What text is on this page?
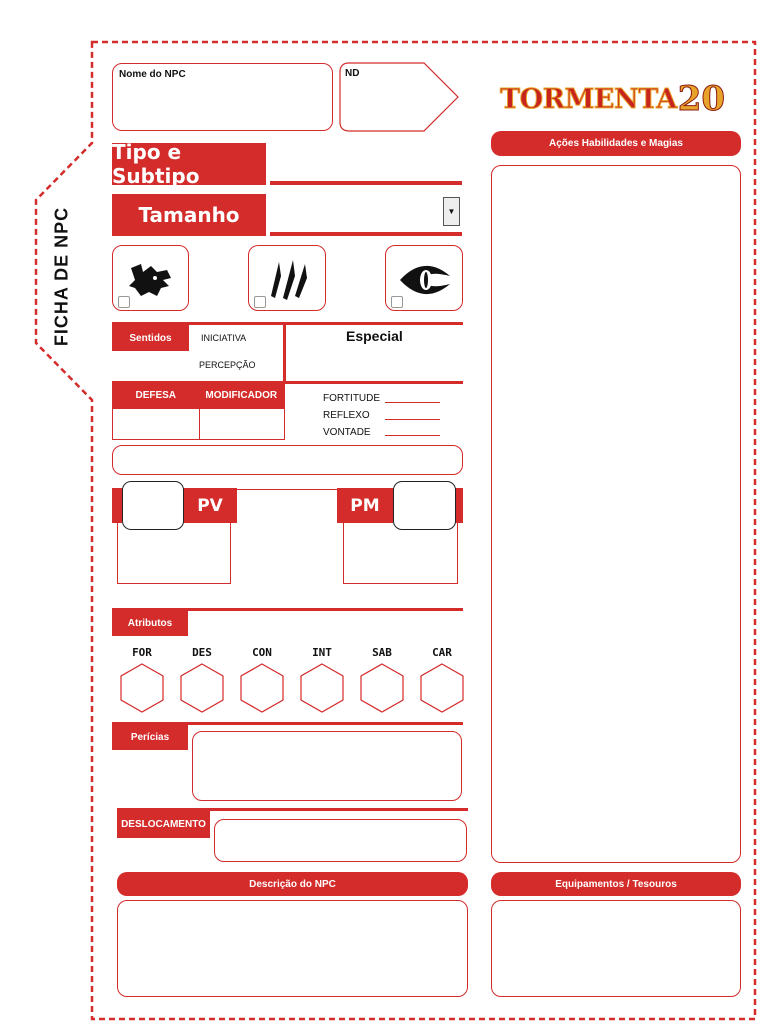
FICHA DE NPC
Nome do NPC	ND
TORMENTA 20
Tipo e Subtipo
Tamanho	▼
Sentidos	INICIATIVA
PERCEPÇÃO
Especial
DEFESA	MODIFICADOR	FORTITUDE
REFLEXO
VONTADE
PV	PM
Atributos
FOR	DES	CON	INT	SAB	CAR
Perícias
DESLOCAMENTO
Ações Habilidades e Magias
Descrição do NPC	Equipamentos / Tesouros
